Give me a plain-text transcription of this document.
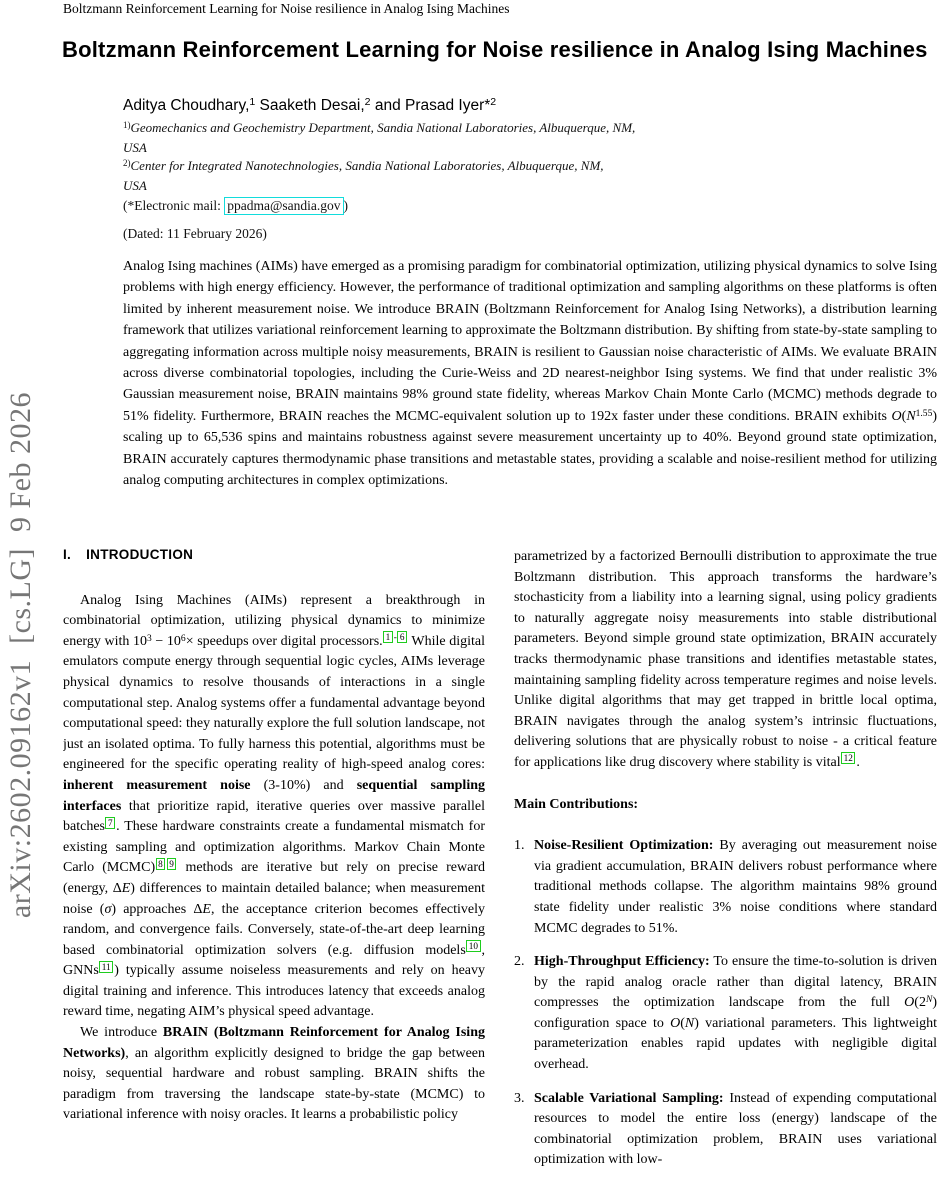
Boltzmann Reinforcement Learning for Noise resilience in Analog Ising Machines
arXiv:2602.09162v1  [cs.LG]  9 Feb 2026
Boltzmann Reinforcement Learning for Noise resilience in Analog Ising Machines
Aditya Choudhary,$^1$ Saaketh Desai,$^2$ and Prasad Iyer*$^2$
$^{1)}$Geomechanics and Geochemistry Department, Sandia National Laboratories, Albuquerque, NM,
USA
$^{2)}$Center for Integrated Nanotechnologies, Sandia National Laboratories, Albuquerque, NM,
USA
(*Electronic mail: ppadma@sandia.gov )
(Dated: 11 February 2026)
Analog Ising machines (AIMs) have emerged as a promising paradigm for combinatorial optimization, utilizing physical dynamics to solve Ising problems with high energy efficiency. However, the performance of traditional optimization and sampling algorithms on these platforms is often limited by inherent measurement noise. We introduce BRAIN (Boltzmann Reinforcement for Analog Ising Networks), a distribution learning framework that utilizes variational reinforcement learning to approximate the Boltzmann distribution. By shifting from state-by-state sampling to aggregating information across multiple noisy measurements, BRAIN is resilient to Gaussian noise characteristic of AIMs. We evaluate BRAIN across diverse combinatorial topologies, including the Curie-Weiss and 2D nearest-neighbor Ising systems. We find that under realistic 3% Gaussian measurement noise, BRAIN maintains 98% ground state fidelity, whereas Markov Chain Monte Carlo (MCMC) methods degrade to 51% fidelity. Furthermore, BRAIN reaches the MCMC-equivalent solution up to 192x faster under these conditions. BRAIN exhibits $O(N^{1.55})$ scaling up to 65,536 spins and maintains robustness against severe measurement uncertainty up to 40%. Beyond ground state optimization, BRAIN accurately captures thermodynamic phase transitions and metastable states, providing a scalable and noise-resilient method for utilizing analog computing architectures in complex optimizations.
I. INTRODUCTION

Analog Ising Machines (AIMs) represent a breakthrough in combinatorial optimization, utilizing physical dynamics to minimize energy with $10^3 - 10^6\times$ speedups over digital processors. $^1$ - $^6$ While digital emulators compute energy through sequential logic cycles, AIMs leverage physical dynamics to resolve thousands of interactions in a single computational step. Analog systems offer a fundamental advantage beyond computational speed: they naturally explore the full solution landscape, not just an isolated optima. To fully harness this potential, algorithms must be engineered for the specific operating reality of high-speed analog cores: inherent measurement noise (3-10%) and sequential sampling interfaces that prioritize rapid, iterative queries over massive parallel batches $^7$ . These hardware constraints create a fundamental mismatch for existing sampling and optimization algorithms. Markov Chain Monte Carlo (MCMC) $^8$ $^9$ methods are iterative but rely on precise reward (energy, ΔE) differences to maintain detailed balance; when measurement noise (σ) approaches ΔE, the acceptance criterion becomes effectively random, and convergence fails. Conversely, state-of-the-art deep learning based combinatorial optimization solvers (e.g. diffusion models $^{10}$ , GNNs $^{11}$ ) typically assume noiseless measurements and rely on heavy digital training and inference. This introduces latency that exceeds analog reward time, negating AIM’s physical speed advantage.

We introduce BRAIN (Boltzmann Reinforcement for Analog Ising Networks), an algorithm explicitly designed to bridge the gap between noisy, sequential hardware and robust sampling. BRAIN shifts the paradigm from traversing the landscape state-by-state (MCMC) to variational inference with noisy oracles. It learns a probabilistic policy

parametrized by a factorized Bernoulli distribution to approximate the true Boltzmann distribution. This approach transforms the hardware’s stochasticity from a liability into a learning signal, using policy gradients to naturally aggregate noisy measurements into stable distributional parameters. Beyond simple ground state optimization, BRAIN accurately tracks thermodynamic phase transitions and identifies metastable states, maintaining sampling fidelity across temperature regimes and noise levels. Unlike digital algorithms that may get trapped in brittle local optima, BRAIN navigates through the analog system’s intrinsic fluctuations, delivering solutions that are physically robust to noise - a critical feature for applications like drug discovery where stability is vital $^{12}$ .

Main Contributions:
1. Noise-Resilient Optimization: By averaging out measurement noise via gradient accumulation, BRAIN delivers robust performance where traditional methods collapse. The algorithm maintains 98% ground state fidelity under realistic 3% noise conditions where standard MCMC degrades to 51%.
2. High-Throughput Efficiency: To ensure the time-to-solution is driven by the rapid analog oracle rather than digital latency, BRAIN compresses the optimization landscape from the full $O(2^N)$ configuration space to O(N) variational parameters. This lightweight parameterization enables rapid updates with negligible digital overhead.
3. Scalable Variational Sampling: Instead of expending computational resources to model the entire loss (energy) landscape of the combinatorial optimization problem, BRAIN uses variational optimization with low-
